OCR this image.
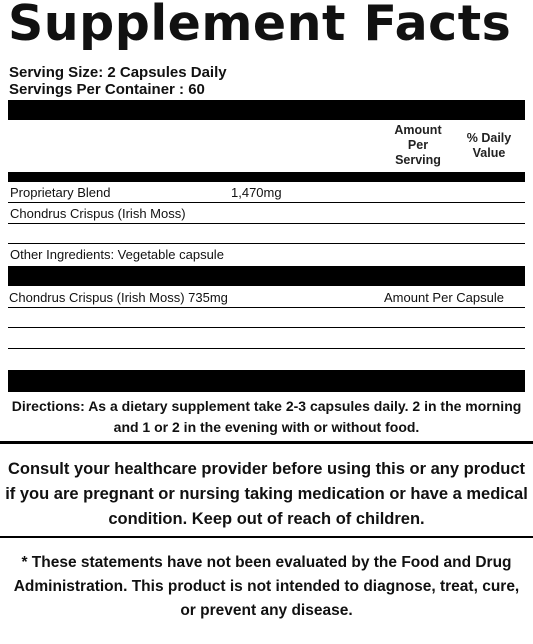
Supplement Facts
Serving Size: 2 Capsules Daily
Servings Per Container : 60
Amount
Per
Serving
% Daily
Value
Proprietary Blend	1,470mg
Chondrus Crispus (Irish Moss)
Other Ingredients: Vegetable capsule
Chondrus Crispus (Irish Moss) 735mg	Amount Per Capsule
Directions: As a dietary supplement take 2-3 capsules daily. 2 in the morning and 1 or 2 in the evening with or without food.
Consult your healthcare provider before using this or any product if you are pregnant or nursing taking medication or have a medical condition. Keep out of reach of children.
* These statements have not been evaluated by the Food and Drug Administration. This product is not intended to diagnose, treat, cure, or prevent any disease.
